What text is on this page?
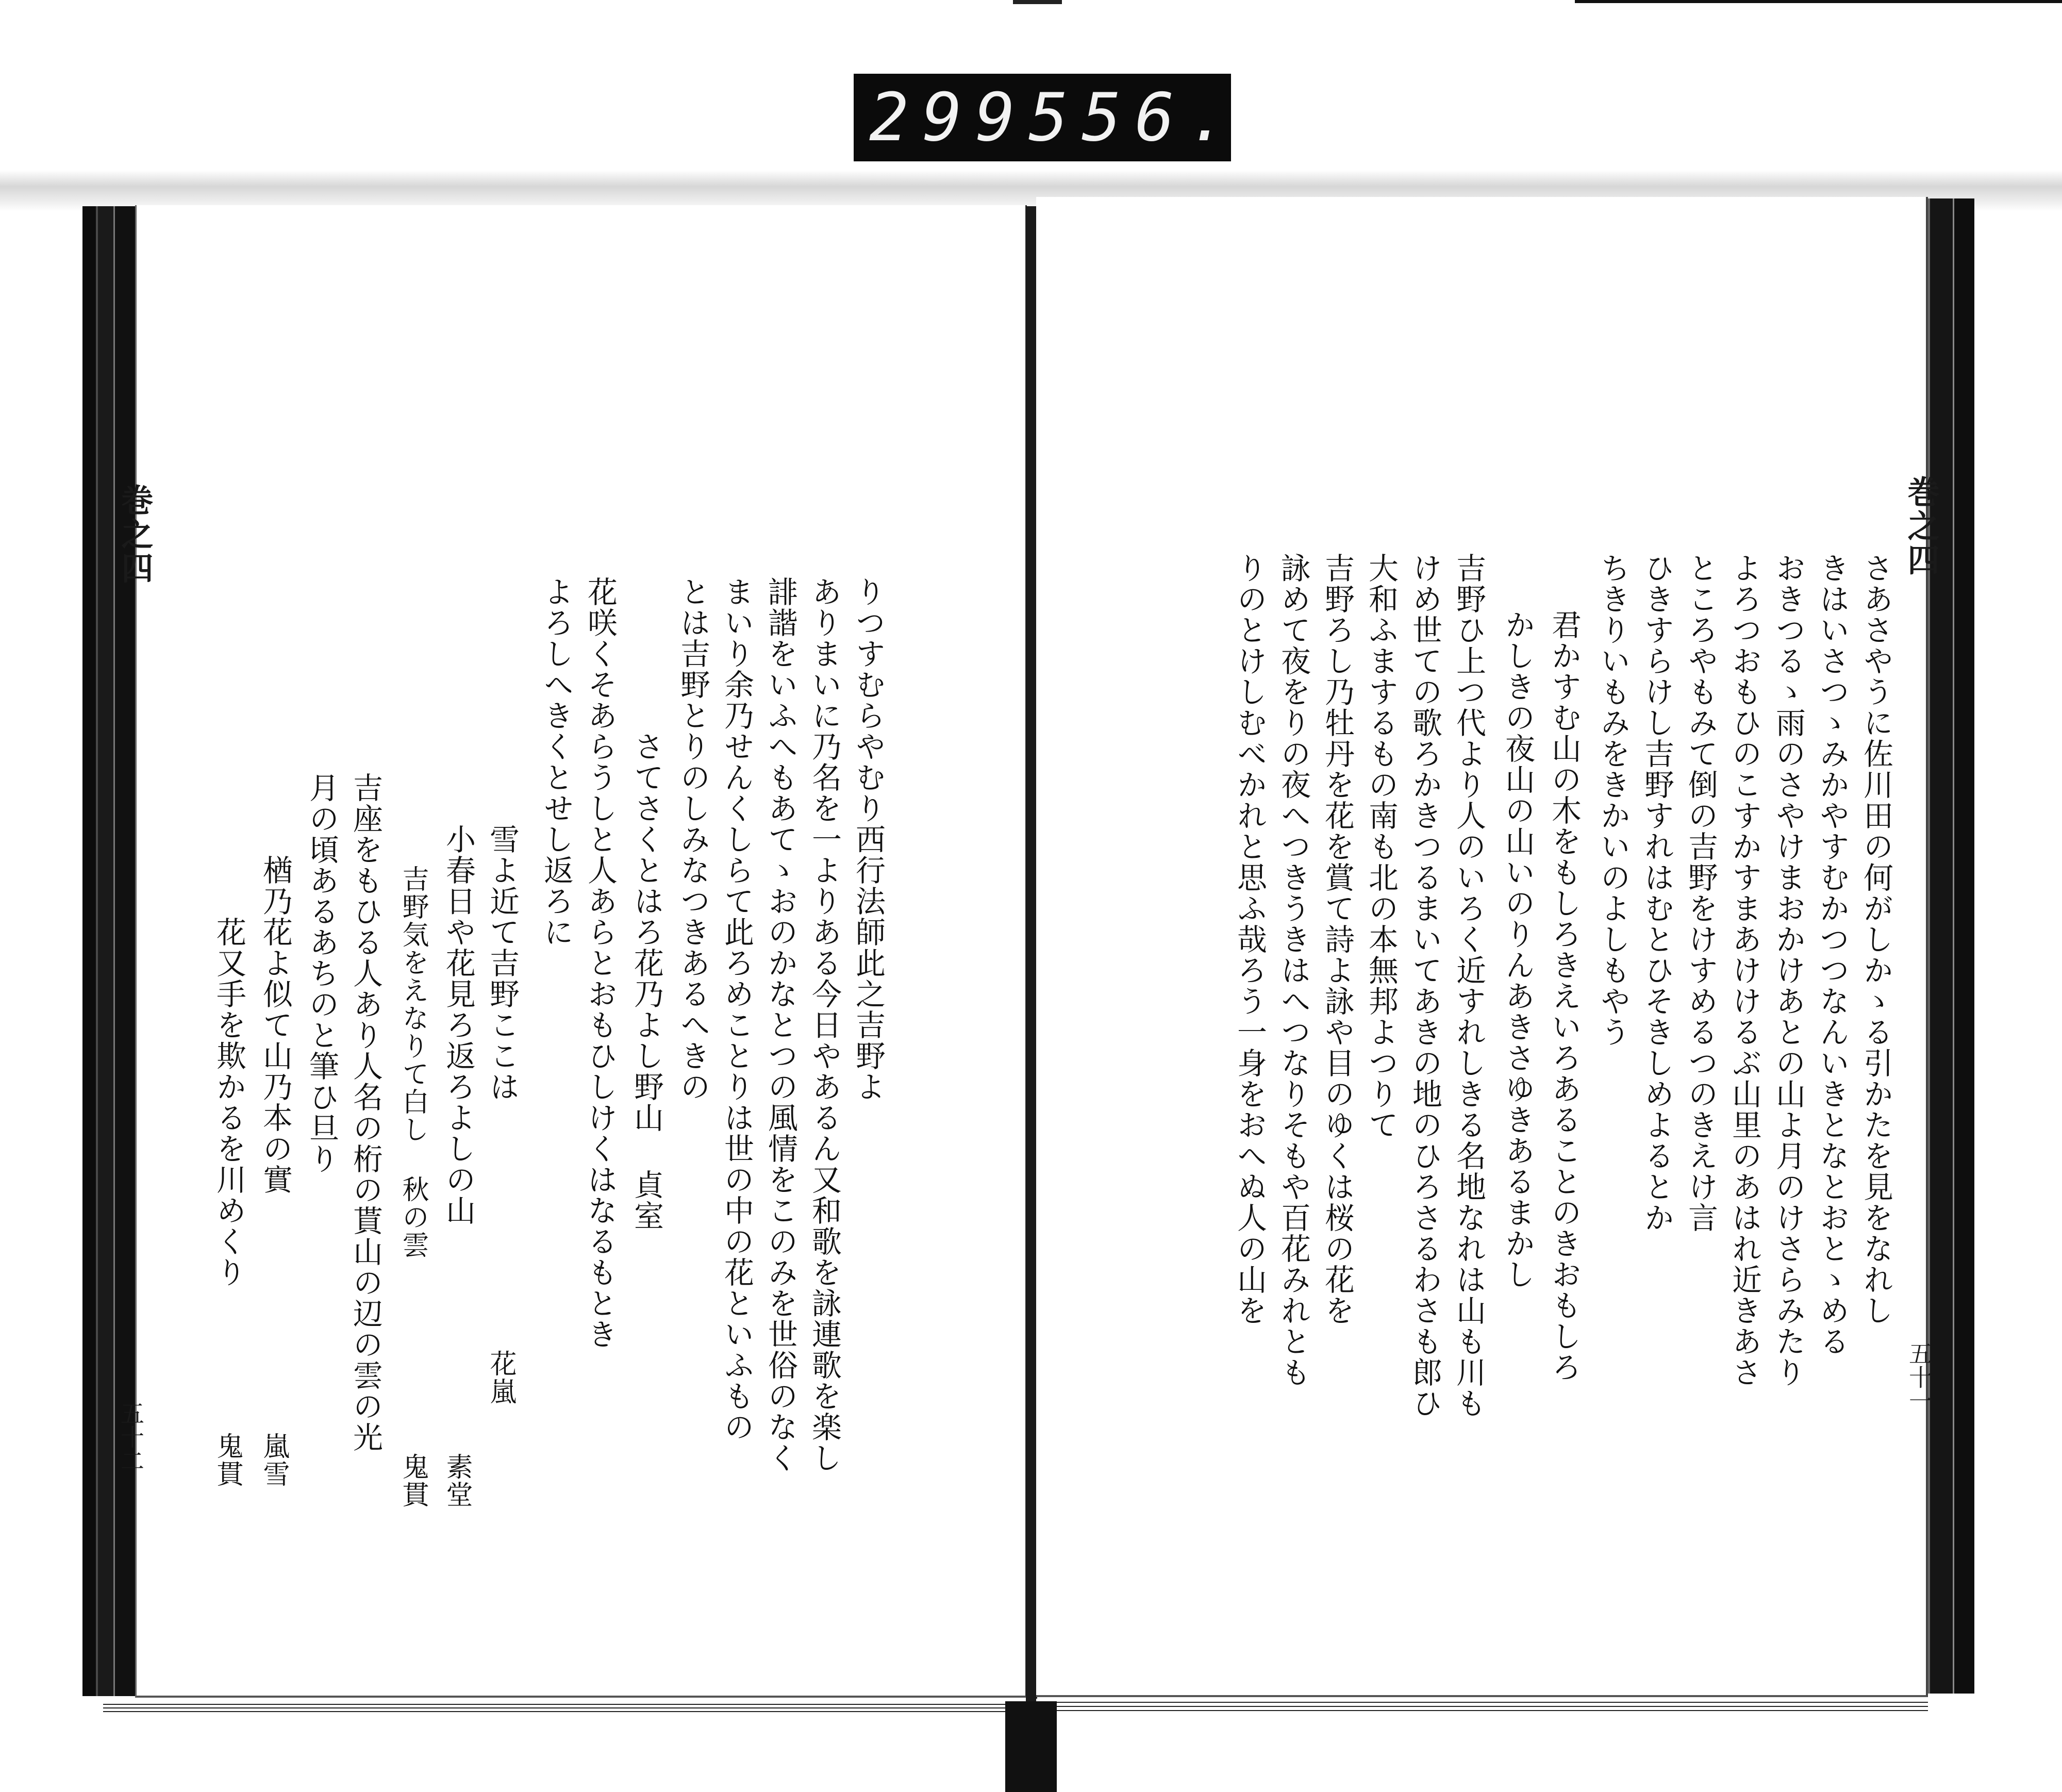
299 556.
巻之四
五十二
りつすむらやむり西行法師此之吉野よ
ありまいに乃名を一よりある今日やあるん又和歌を詠連歌を楽し
誹諧をいふへもあてゝおのかなとつの風情をこのみを世俗のなく
まいり余乃せんくしらて此ろめことりは世の中の花といふもの
とは吉野とりのしみなつきあるへきの
さてさくとはろ花乃よし野山 貞室
花咲くそあらうしと人あらとおもひしけくはなるもとき
よろしへきくとせし返ろに
雪よ近て吉野ここは
花嵐
小春日や花見ろ返ろよしの山
素堂
吉野気をえなりて白し 秋の雲
鬼貫
吉座をもひる人あり人名の桁の貰山の辺の雲の光
月の頃あるあちのと筆ひ旦り
楢乃花よ似て山乃本の實
嵐雪
花又手を欺かるを川めくり
鬼貫
巻之四
五十一
さあさやうに佐川田の何がしかゝる引かたを見をなれし
きはいさつゝみかやすむかつつなんいきとなとおとゝめる
おきつるゝ雨のさやけまおかけあとの山よ月のけさらみたり
よろつおもひのこすかすまあけけるぶ山里のあはれ近きあさ
ところやもみて倒の吉野をけすめるつのきえけ言
ひきすらけし吉野すれはむとひそきしめよるとか
ちきりいもみをきかいのよしもやう
君かすむ山の木をもしろきえいろあることのきおもしろ
かしきの夜山の山いのりんあきさゆきあるまかし
吉野ひ上つ代より人のいろく近すれしきる名地なれは山も川も
けめ世ての歌ろかきつるまいてあきの地のひろさるわさも郎ひ
大和ふまするもの南も北の本無邦よつりて
吉野ろし乃牡丹を花を賞て詩よ詠や目のゆくは桜の花を
詠めて夜をりの夜へつきうきはへつなりそもや百花みれとも
りのとけしむべかれと思ふ哉ろう一身をおへぬ人の山を
